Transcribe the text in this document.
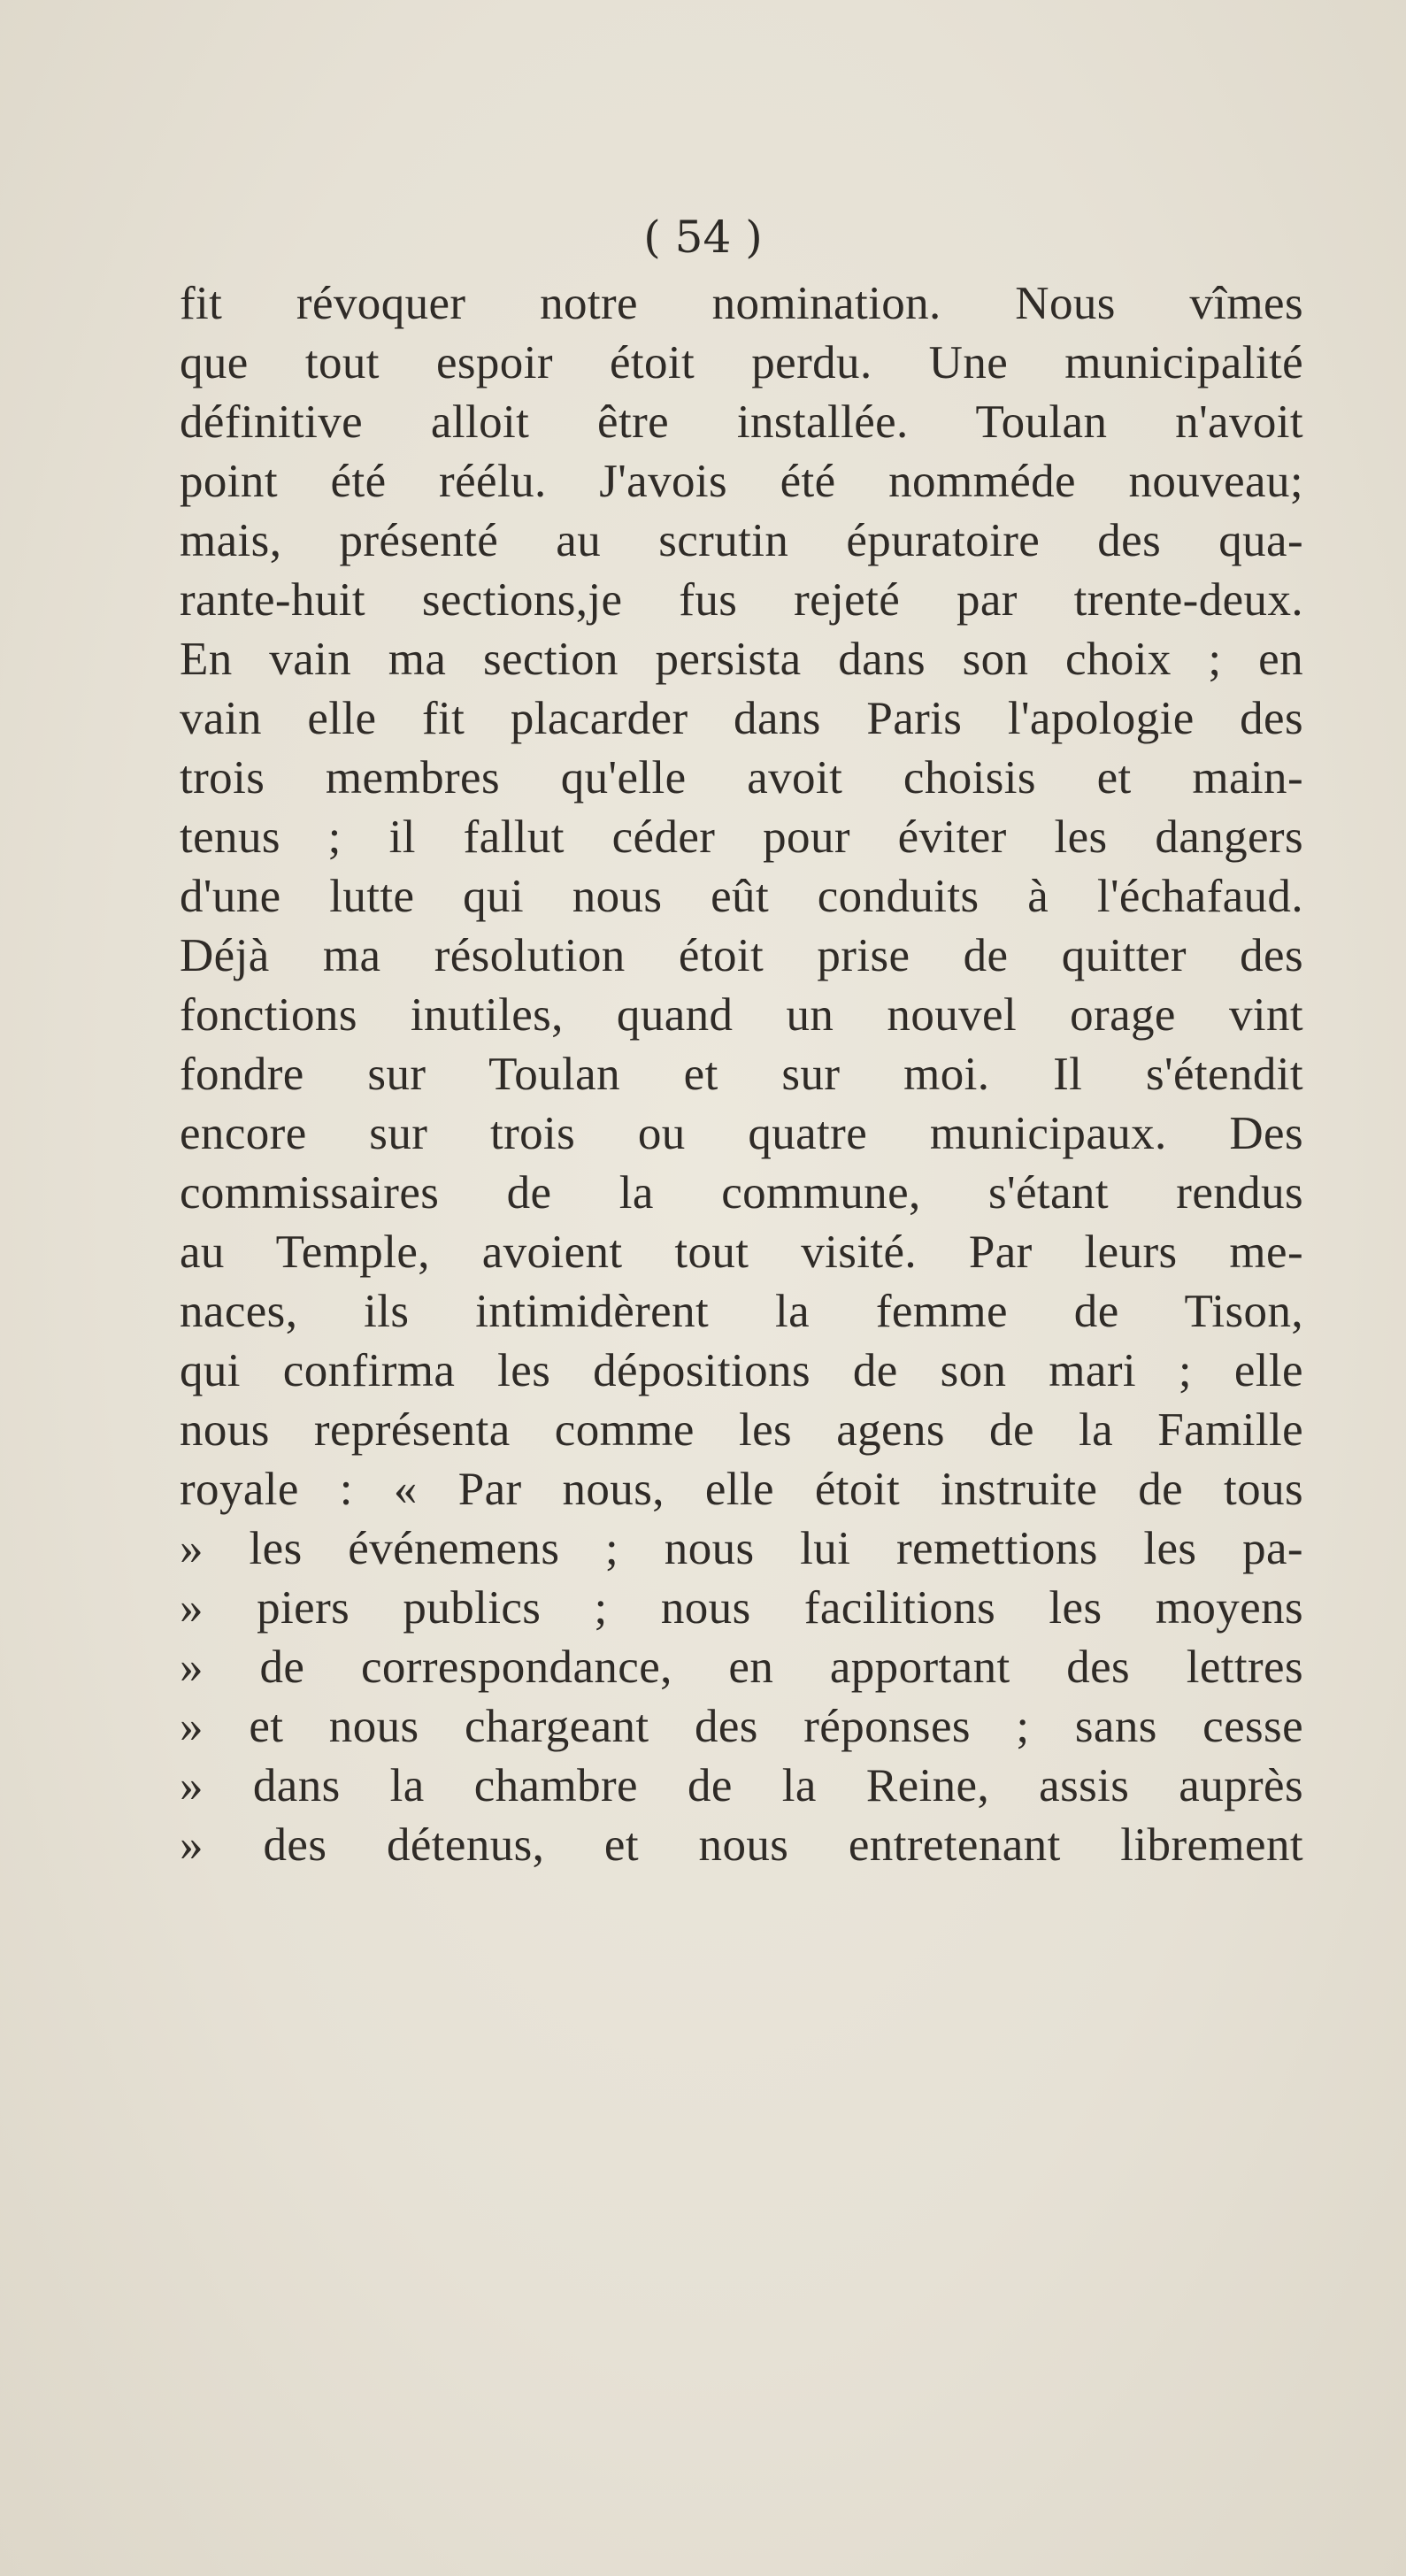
( 54 )
fit révoquer notre nomination. Nous vîmes
que tout espoir étoit perdu. Une municipalité
définitive alloit être installée. Toulan n'avoit
point été réélu. J'avois été nomméde nouveau;
mais, présenté au scrutin épuratoire des qua-
rante-huit sections,je fus rejeté par trente-deux.
En vain ma section persista dans son choix ; en
vain elle fit placarder dans Paris l'apologie des
trois membres qu'elle avoit choisis et main-
tenus ; il fallut céder pour éviter les dangers
d'une lutte qui nous eût conduits à l'échafaud.
Déjà ma résolution étoit prise de quitter des
fonctions inutiles, quand un nouvel orage vint
fondre sur Toulan et sur moi. Il s'étendit
encore sur trois ou quatre municipaux. Des
commissaires de la commune, s'étant rendus
au Temple, avoient tout visité. Par leurs me-
naces, ils intimidèrent la femme de Tison,
qui confirma les dépositions de son mari ; elle
nous représenta comme les agens de la Famille
royale : « Par nous, elle étoit instruite de tous
» les événemens ; nous lui remettions les pa-
» piers publics ; nous facilitions les moyens
» de correspondance, en apportant des lettres
» et nous chargeant des réponses ; sans cesse
» dans la chambre de la Reine, assis auprès
» des détenus, et nous entretenant librement
